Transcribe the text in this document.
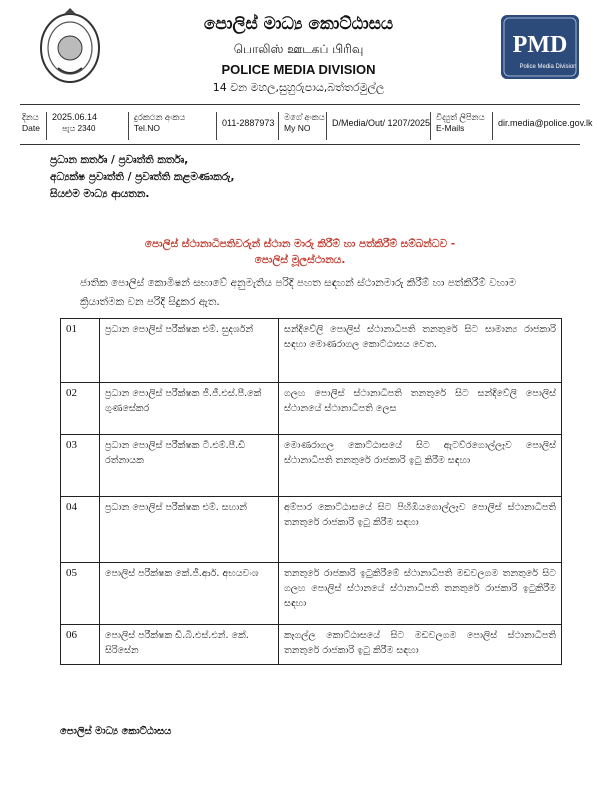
PMD
Police Media Division
පොලිස් මාධ්‍ය කොට්ඨාසය
பொலிஸ் ஊடகப் பிரிவு
POLICE MEDIA DIVISION
14 වන මහල,සුහුරුපාය,බත්තරමුල්ල
දිනය
Date
2025.06.14
පැය 2340
දුරකථන අංකය
Tel.NO	011-2887973
මගේ අංකය
My NO	D/Media/Out/ 1207/2025
විද්‍යුත් ලිපිනය
E-Mails	dir.media@police.gov.lk
ප්‍රධාන කර්තෘ / ප්‍රවෘත්ති කර්තෘ,
අධ්‍යක්ෂ ප්‍රවෘත්ති / ප්‍රවෘත්ති කළමණාකරු,
සියළුම මාධ්‍ය ආයතන.
පොලිස් ස්ථානාධිපතිවරුන් ස්ථාන මාරු කිරීම් හා පත්කිරීම් සම්බන්ධව -
පොලිස් මූලස්ථානය.
ජාතික පොලිස් කොමිෂන් සභාවේ අනුමැතිය පරිදි පහත සඳහන් ස්ථානමාරු කිරීම් හා පත්කිරීම් වහාම ක්‍රියාත්මක වන පරිදි සිදුකර ඇත.
01	ප්‍රධාන පොලිස් පරීක්ෂක එම්. සුදර්ශන්	සන්දිවේලි පොලිස් ස්ථානාධිපති තනතුරේ සිට සාමාන්‍ය රාජකාරි සඳහා මොණරාගල කොට්ඨාසය වෙත.
02	ප්‍රධාන පොලිස් පරීක්ෂක ජී.ජී.එස්.පී.කේ ගුණසේකර	ගලහ පොලිස් ස්ථානාධිපති තනතුරේ සිට සන්දිවේලි පොලිස් ස්ථානයේ ස්ථානාධිපති ලෙස
03	ප්‍රධාන පොලිස් පරීක්ෂක ටී.එම්.පී.ඩී රත්නායක	මොණරාගල කොට්ඨාසයේ සිට ඇටව්රගොල්ලෑව පොලිස් ස්ථානාධිපති තනතුරේ රාජකාරි ඉටු කිරීම සඳහා
04	ප්‍රධාන පොලිස් පරීක්ෂක එම්. සහාන්	අම්පාර කොට්ඨාසයේ සිට පිහිඹියගොල්ලෑව පොලිස් ස්ථානාධිපති තනතුරේ රාජකාරි ඉටු කිරීම සඳහා
05	පොලිස් පරීක්ෂක කේ.ජී.ආර්. අභයවංශ	තනතුරේ රාජකාරි ඉටුකිරීමේ ස්ථානාධිපති මඩවලගම තනතුරේ සිට ගලහ පොලිස් ස්ථානයේ ස්ථානාධිපති තනතුරේ රාජකාරි ඉටුකිරීම සඳහා
06	පොලිස් පරීක්ෂක ඩී.බී.එස්.එන්. කේ. සිරිසේන	කෑගල්ල කොට්ඨාසයේ සිට මඩවලගම පොලිස් ස්ථානාධිපති තනතුරේ රාජකාරි ඉටු කිරීම සඳහා
පොලිස් මාධ්‍ය කොට්ඨාසය
